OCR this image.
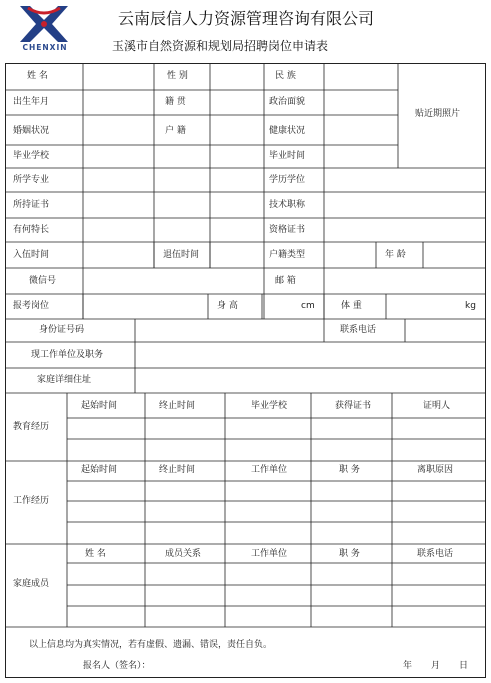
CHENXIN
云南辰信人力资源管理咨询有限公司
玉溪市自然资源和规划局招聘岗位申请表
姓 名	性 别	民 族
贴近期照片
出生年月	籍 贯	政治面貌
婚姻状况	户 籍	健康状况
毕业学校	毕业时间
所学专业	学历学位
所持证书	技术职称
有何特长	资格证书
入伍时间	退伍时间	户籍类型	年 龄
微信号	邮 箱
报考岗位	身 高	cm	体 重	kg
身份证号码	联系电话
现工作单位及职务
家庭详细住址
教育经历
起始时间	终止时间	毕业学校	获得证书	证明人
工作经历
起始时间	终止时间	工作单位	职 务	离职原因
家庭成员
姓 名	成员关系	工作单位	职 务	联系电话
以上信息均为真实情况，若有虚假、遗漏、错误，责任自负。
报名人（签名）：	年 月 日
